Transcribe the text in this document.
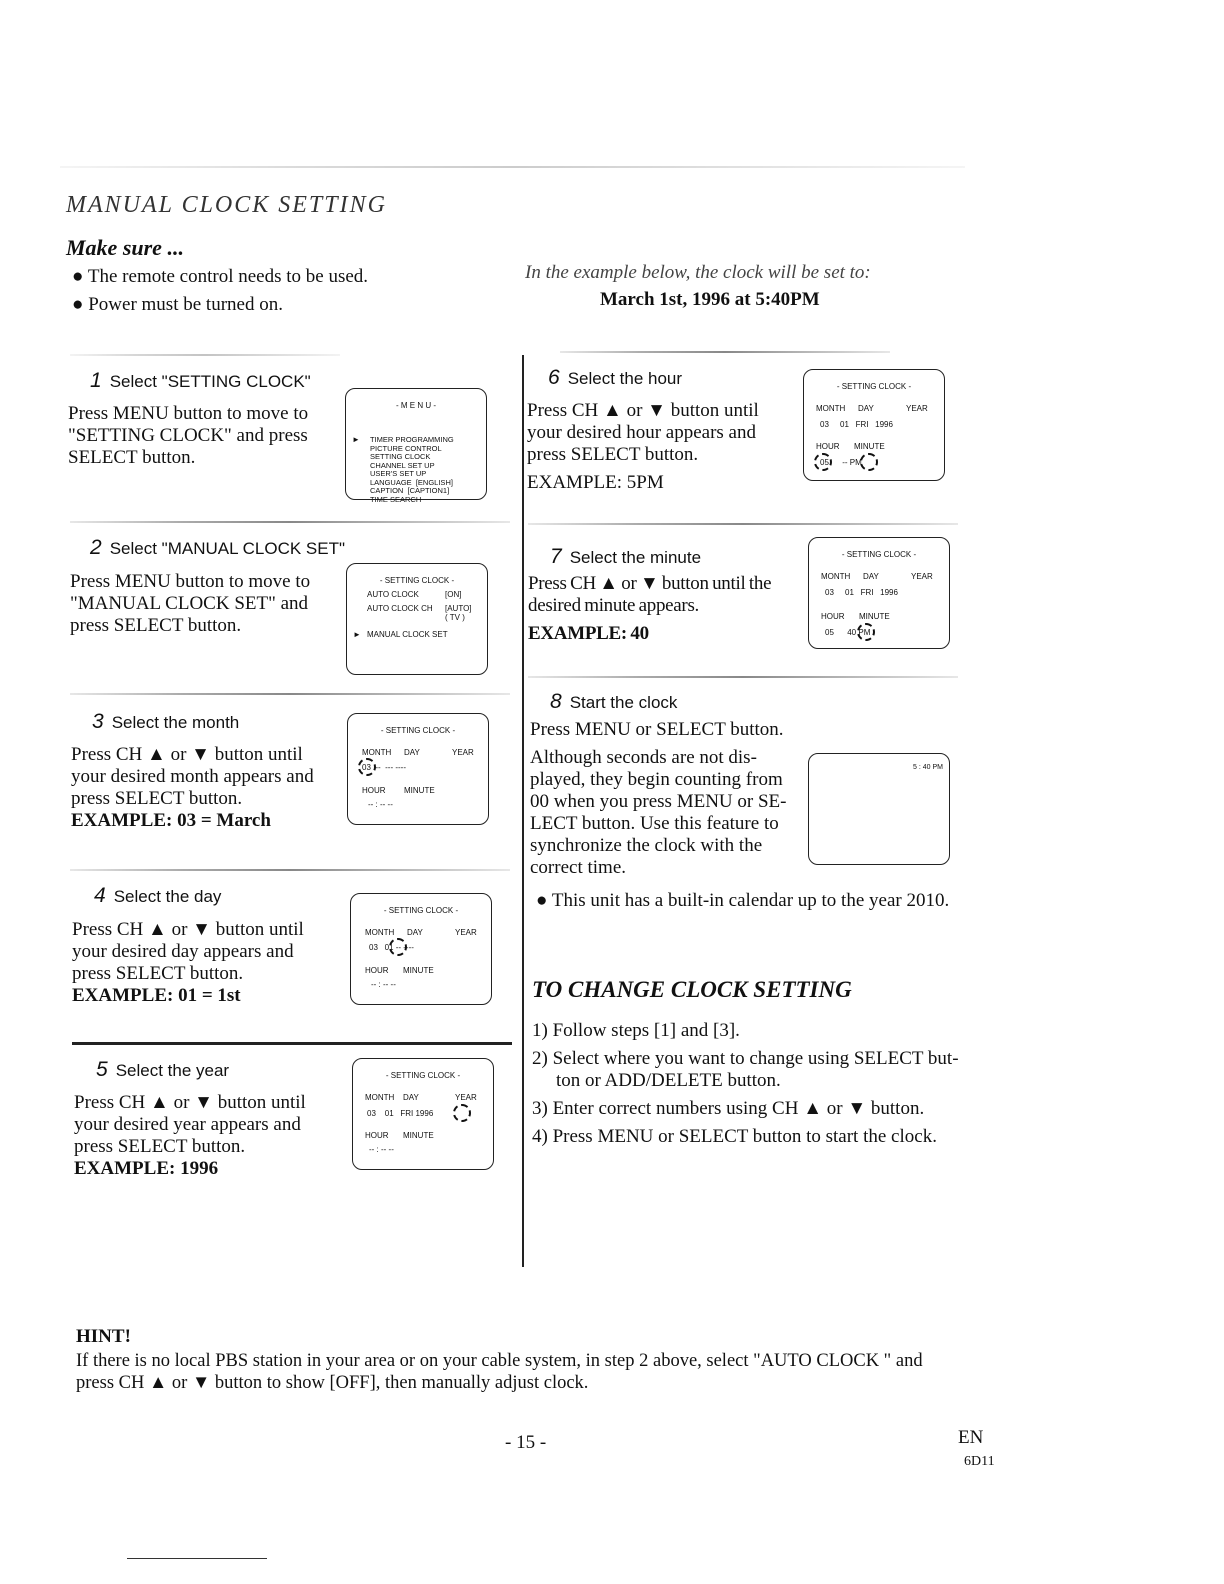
MANUAL CLOCK SETTING
Make sure ...
● The remote control needs to be used.
● Power must be turned on.
In the example below, the clock will be set to:
March 1st, 1996 at 5:40PM
1 Select "SETTING CLOCK"
Press MENU button to move to
"SETTING CLOCK" and press
SELECT button.
- M E N U -

TIMER PROGRAMMING
PICTURE CONTROL
SETTING CLOCK
CHANNEL SET UP
USER'S SET UP
LANGUAGE  [ENGLISH]
CAPTION  [CAPTION1]
TIME SEARCH

►
2 Select "MANUAL CLOCK SET"
Press MENU button to move to
"MANUAL CLOCK SET" and
press SELECT button.
- SETTING CLOCK -
AUTO CLOCK	[ON]
AUTO CLOCK CH [AUTO]
( TV )
► MANUAL CLOCK SET
3 Select the month
Press CH ▲ or ▼ button until
your desired month appears and
press SELECT button.
EXAMPLE: 03 = March
- SETTING CLOCK -
MONTH DAY	YEAR
03  --  --- ----
HOUR MINUTE
-- : -- --
4 Select the day
Press CH ▲ or ▼ button until
your desired day appears and
press SELECT button.
EXAMPLE: 01 = 1st
- SETTING CLOCK -
MONTH DAY	YEAR
03   01 -- ----
HOUR MINUTE
-- : -- --
5 Select the year
Press CH ▲ or ▼ button until
your desired year appears and
press SELECT button.
EXAMPLE: 1996
- SETTING CLOCK -
MONTH DAY	YEAR
03    01   FRI 1996
HOUR MINUTE
-- : -- --
6 Select the hour
Press CH ▲ or ▼ button until
your desired hour appears and
press SELECT button.
EXAMPLE: 5PM
- SETTING CLOCK -
MONTH DAY	YEAR
03     01   FRI   1996
HOUR MINUTE
05      -- PM
7 Select the minute
Press CH ▲ or ▼ button until the
desired minute appears.
EXAMPLE: 40
- SETTING CLOCK -
MONTH DAY	YEAR
03     01   FRI   1996
HOUR MINUTE
05      40 PM
8 Start the clock
Press MENU or SELECT button.
Although seconds are not dis-
played, they begin counting from
00 when you press MENU or SE-
LECT button. Use this feature to
synchronize the clock with the
correct time.
5 : 40 PM
● This unit has a built-in calendar up to the year 2010.
TO CHANGE CLOCK SETTING
1) Follow steps [1] and [3].
2) Select where you want to change using SELECT but-
ton or ADD/DELETE button.
3) Enter correct numbers using CH ▲ or ▼ button.
4) Press MENU or SELECT button to start the clock.
HINT!
If there is no local PBS station in your area or on your cable system, in step 2 above, select "AUTO CLOCK " and
press CH ▲ or ▼ button to show [OFF], then manually adjust clock.
- 15 -	EN
6D11
